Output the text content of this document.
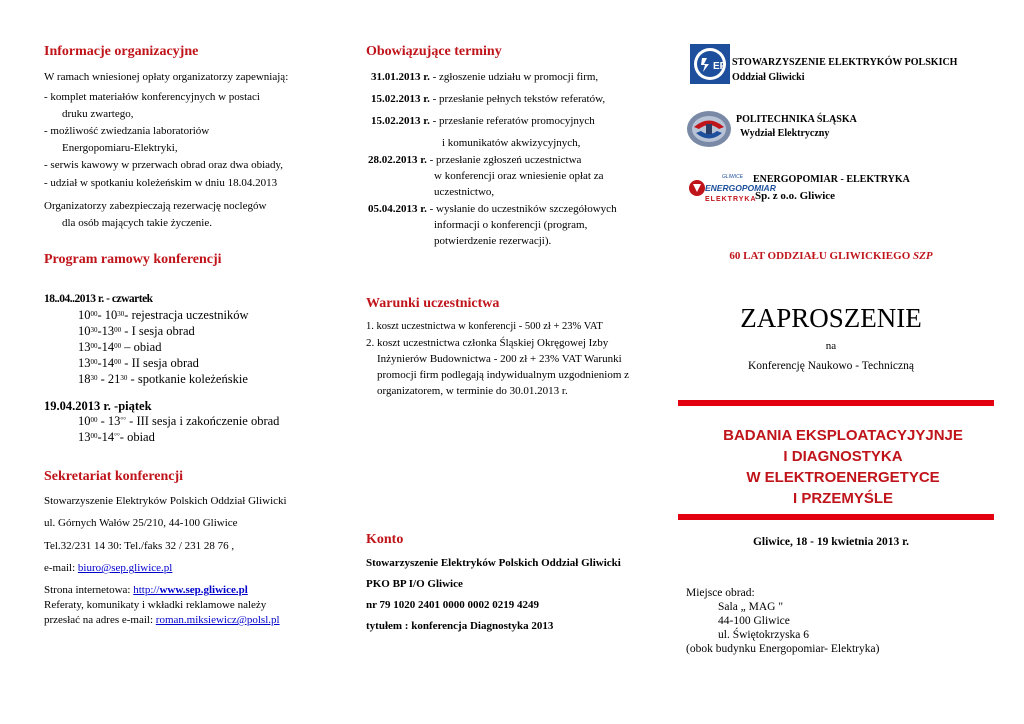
Informacje organizacyjne
W ramach wniesionej opłaty organizatorzy zapewniają:
- komplet materiałów konferencyjnych w postaci
druku zwartego,
- możliwość zwiedzania laboratoriów
Energopomiaru-Elektryki,
- serwis kawowy w przerwach obrad oraz dwa obiady,
- udział w spotkaniu koleżeńskim w dniu 18.04.2013
Organizatorzy zabezpieczają rezerwację noclegów
dla osób mających takie życzenie.
Program ramowy konferencji
18..04..2013 r. - czwartek
$10^{00}-$ $10^{30}-$ rejestracja uczestników
$10^{30}-13^{00}$ - I sesja obrad
$13^{00}-14^{00}$ – obiad
$13^{00}-14^{00}$ - II sesja obrad
$18^{30} - 21^{30}$ - spotkanie koleżeńskie
19.04.2013 r. -piątek
$10^{00} - 13^{^\circ^\circ}$ - III sesja i zakończenie obrad
$13^{00}-14^{^\circ^\circ}-$ obiad
Sekretariat konferencji
Stowarzyszenie Elektryków Polskich Oddział Gliwicki
ul. Górnych Wałów 25/210, 44-100 Gliwice
Tel.32/231 14 30: Tel./faks 32 / 231 28 76 ,
e-mail: biuro@sep.gliwice.pl
Strona internetowa: http://www.sep.gliwice.pl
Referaty, komunikaty i wkładki reklamowe należy
przesłać na adres e-mail: roman.miksiewicz@polsl.pl
Obowiązujące terminy
31.01.2013 r. - zgłoszenie udziału w promocji firm,
15.02.2013 r. - przesłanie pełnych tekstów referatów,
15.02.2013 r. - przesłanie referatów promocyjnych
i komunikatów akwizycyjnych,
28.02.2013 r. - przesłanie zgłoszeń uczestnictwa
w konferencji oraz wniesienie opłat za
uczestnictwo,
05.04.2013 r. - wysłanie do uczestników szczegółowych
informacji o konferencji (program,
potwierdzenie rezerwacji).
Warunki uczestnictwa
1. koszt uczestnictwa w konferencji - 500 zł + 23% VAT
2. koszt uczestnictwa członka Śląskiej Okręgowej Izby
Inżynierów Budownictwa - 200 zł + 23% VAT Warunki
promocji firm podlegają indywidualnym uzgodnieniom z
organizatorem, w terminie do 30.01.2013 r.
Konto
Stowarzyszenie Elektryków Polskich Oddział Gliwicki
PKO BP I/O Gliwice
nr 79 1020 2401 0000 0002 0219 4249
tytułem : konferencja Diagnostyka 2013
EP STOWARZYSZENIE ELEKTRYKÓW POLSKICH
Oddział Gliwicki
POLITECHNIKA ŚLĄSKA
Wydział Elektryczny
GLIWICE
ENERGOPOMIAR
ELEKTRYKA
ENERGOPOMIAR - ELEKTRYKA
Sp. z o.o. Gliwice
60 LAT ODDZIAŁU GLIWICKIEGO SZP
ZAPROSZENIE
na
Konferencję Naukowo - Techniczną
BADANIA EKSPLOATACYJYJNJE
I DIAGNOSTYKA
W ELEKTROENERGETYCE
I PRZEMYŚLE
Gliwice, 18 - 19 kwietnia 2013 r.
Miejsce obrad:
Sala „ MAG "
44-100 Gliwice
ul. Świętokrzyska 6
(obok budynku Energopomiar- Elektryka)
